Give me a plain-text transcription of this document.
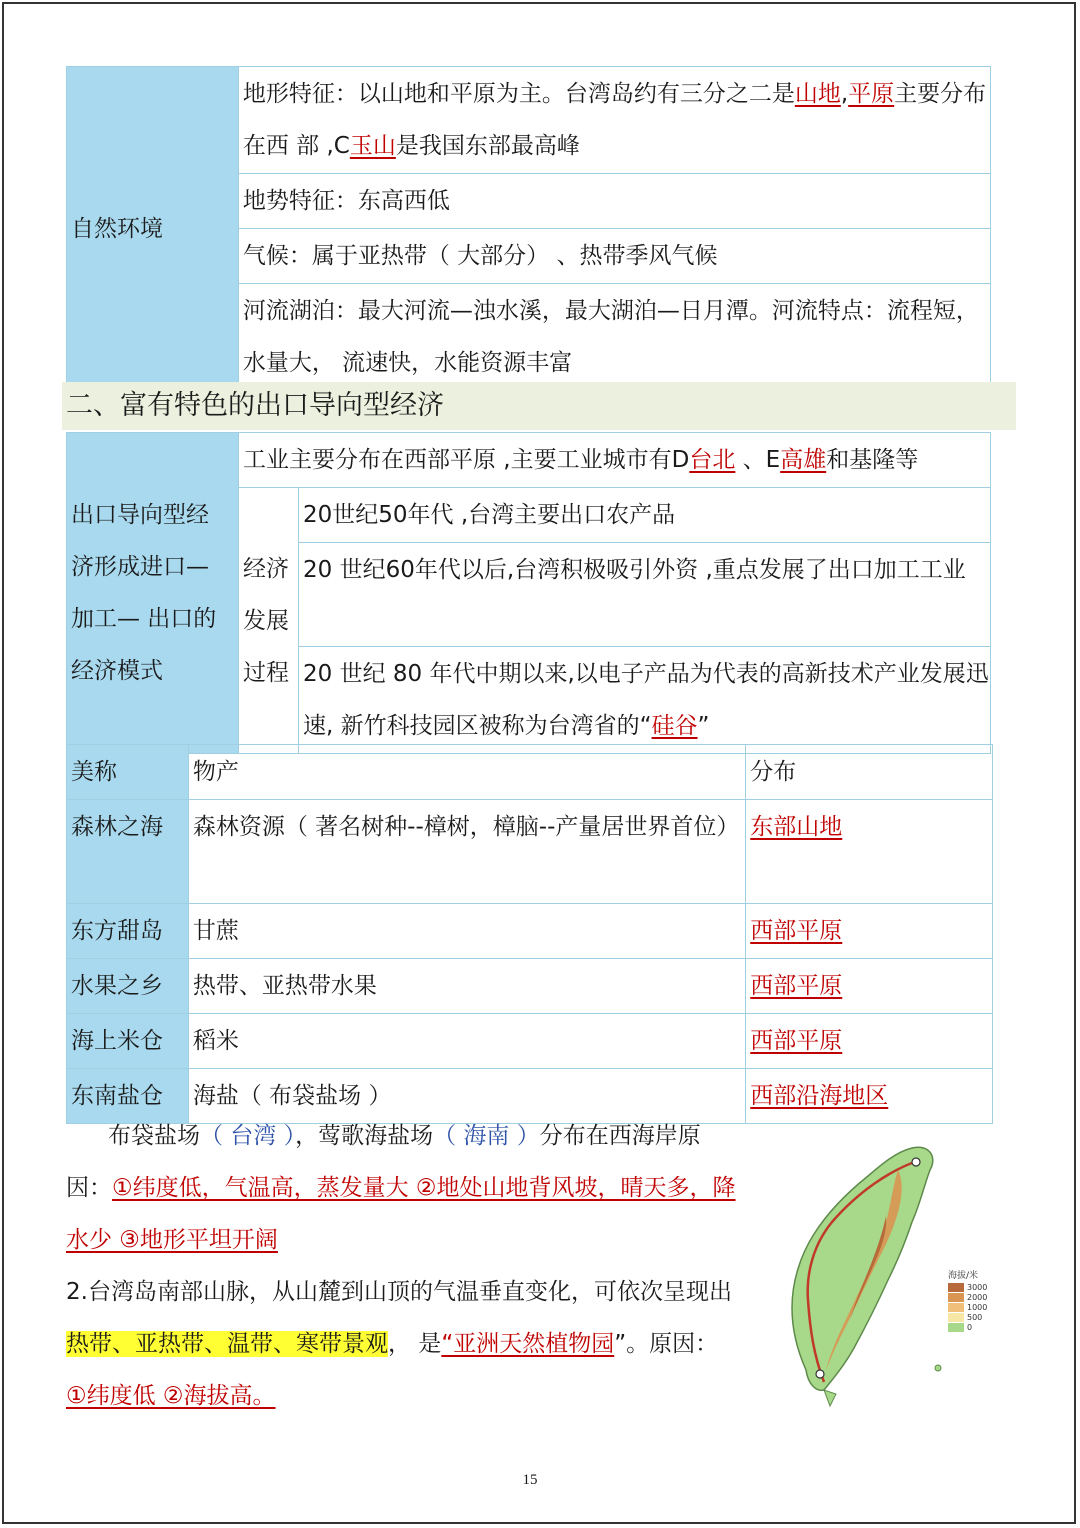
自然环境

地形特征：以山地和平原为主。台湾岛约有三分之二是山地,平原主要分布在西 部 ,C玉山是我国东部最高峰

地势特征：东高西低

气候：属于亚热带（ 大部分） 、热带季风气候

河流湖泊：最大河流—浊水溪，最大湖泊—日月潭。河流特点：流程短，水量大， 流速快，水能资源丰富
二、富有特色的出口导向型经济
出口导向型经济形成进口—加工— 出口的经济模式	工业主要分布在西部平原 ,主要工业城市有D台北 、E高雄和基隆等	

	经济发展过程	20世纪50年代 ,台湾主要出口农产品

		20 世纪60年代以后,台湾积极吸引外资 ,重点发展了出口加工工业

		20 世纪 80 年代中期以来,以电子产品为代表的高新技术产业发展迅速, 新竹科技园区被称为台湾省的“硅谷”
美称	物产	分布

森林之海	森林资源（ 著名树种--樟树，樟脑--产量居世界首位）	东部山地

东方甜岛	甘蔗	西部平原

水果之乡	热带、亚热带水果	西部平原

海上米仓	稻米	西部平原

东南盐仓	海盐（ 布袋盐场 ）	西部沿海地区
布袋盐场（ 台湾 ），莺歌海盐场（ 海南 ）分布在西海岸原因：①纬度低，气温高，蒸发量大 ②地处山地背风坡，晴天多，降水少 ③地形平坦开阔
2.台湾岛南部山脉，从山麓到山顶的气温垂直变化，可依次呈现出热带、亚热带、温带、寒带景观， 是“亚洲天然植物园”。原因：①纬度低 ②海拔高。
海拔/米
3000
2000
1000
500
0
15
